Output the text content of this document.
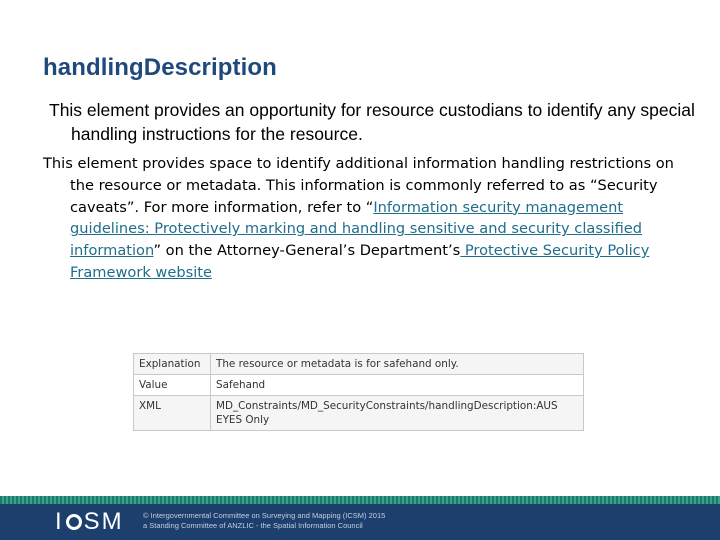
handlingDescription
This element provides an opportunity for resource custodians to identify any special handling instructions for the resource.
This element provides space to identify additional information handling restrictions on the resource or metadata. This information is commonly referred to as “Security caveats”. For more information, refer to “Information security management guidelines: Protectively marking and handling sensitive and security classified information” on the Attorney-General’s Department’s Protective Security Policy Framework website
Explanation	The resource or metadata is for safehand only.
Value	Safehand
XML	MD_Constraints/MD_SecurityConstraints/handlingDescription:AUS EYES Only
I SM	© Intergovernmental Committee on Surveying and Mapping (ICSM) 2015
a Standing Committee of ANZLIC - the Spatial Information Council
